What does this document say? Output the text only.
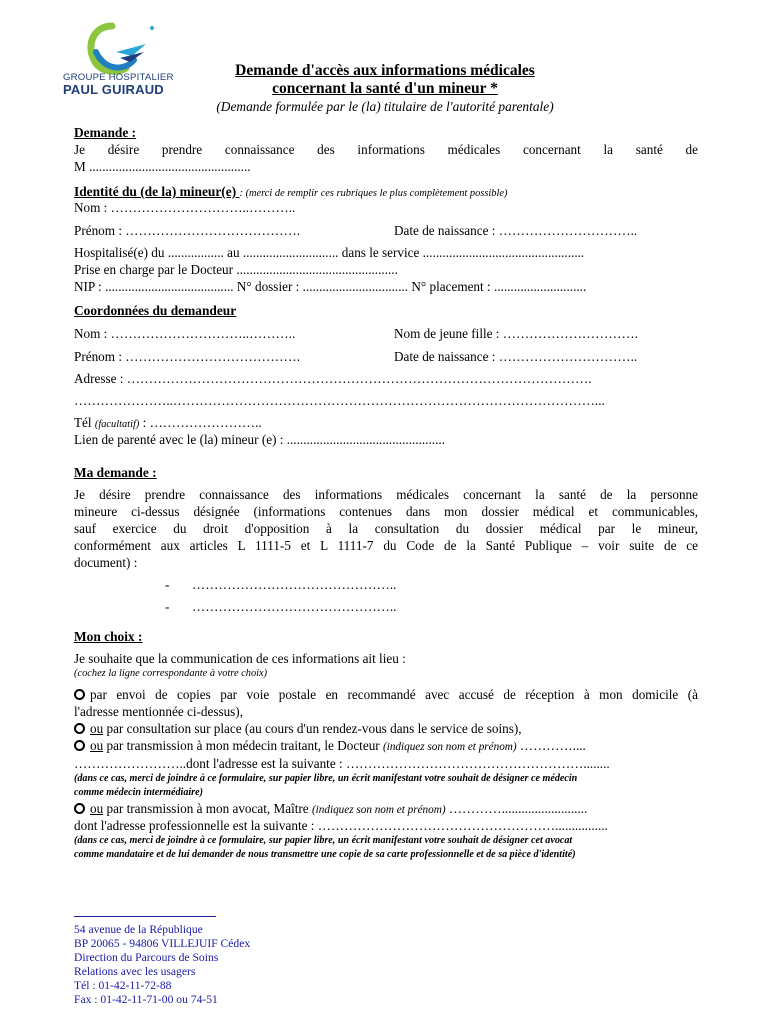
GROUPE HOSPITALIER
PAUL GUIRAUD
Demande d'accès aux informations médicales
concernant la santé d'un mineur *
(Demande formulée par le (la) titulaire de l'autorité parentale)
Demande :
Je désire prendre connaissance des informations médicales concernant la santé de
M .................................................
Identité du (de la) mineur(e) : (merci de remplir ces rubriques le plus complètement possible)
Nom : …………………………..………..
Prénom : ………………………………….	Date de naissance : …………………………..
Hospitalisé(e) du ................. au ............................. dans le service .................................................
Prise en charge par le Docteur .................................................
NIP : ....................................... N° dossier : ................................ N° placement : ............................
Coordonnées du demandeur
Nom : …………………………..………..	Nom de jeune fille : ………………………….
Prénom : ………………………………….	Date de naissance : …………………………..
Adresse : …………………………………………………………………………………………….
…………………..……………………………………………………………………………………...
Tél (facultatif) : ……………………..
Lien de parenté avec le (la) mineur (e) : ................................................
Ma demande :
Je désire prendre connaissance des informations médicales concernant la santé de la personne
mineure ci-dessus désignée (informations contenues dans mon dossier médical et communicables,
sauf exercice du droit d'opposition à la consultation du dossier médical par le mineur,
conformément aux articles L 1111-5 et L 1111-7 du Code de la Santé Publique – voir suite de ce
document) :
- ………………………………………..
- ………………………………………..
Mon choix :
Je souhaite que la communication de ces informations ait lieu :
(cochez la ligne correspondante à votre choix)
par envoi de copies par voie postale en recommandé avec accusé de réception à mon domicile (à
l'adresse mentionnée ci-dessus),
ou par consultation sur place (au cours d'un rendez-vous dans le service de soins),
ou par transmission à mon médecin traitant, le Docteur (indiquez son nom et prénom) …………....
……………………..dont l'adresse est la suivante : ………………………………………………........
(dans ce cas, merci de joindre à ce formulaire, sur papier libre, un écrit manifestant votre souhait de désigner ce médecin
comme médecin intermédiaire)
ou par transmission à mon avocat, Maître (indiquez son nom et prénom) …………..........................
dont l'adresse professionnelle est la suivante : ………………………………………………................
(dans ce cas, merci de joindre à ce formulaire, sur papier libre, un écrit manifestant votre souhait de désigner cet avocat
comme mandataire et de lui demander de nous transmettre une copie de sa carte professionnelle et de sa pièce d'identité)
54 avenue de la République
BP 20065 - 94806 VILLEJUIF Cédex
Direction du Parcours de Soins
Relations avec les usagers
Tél : 01-42-11-72-88
Fax : 01-42-11-71-00 ou 74-51
